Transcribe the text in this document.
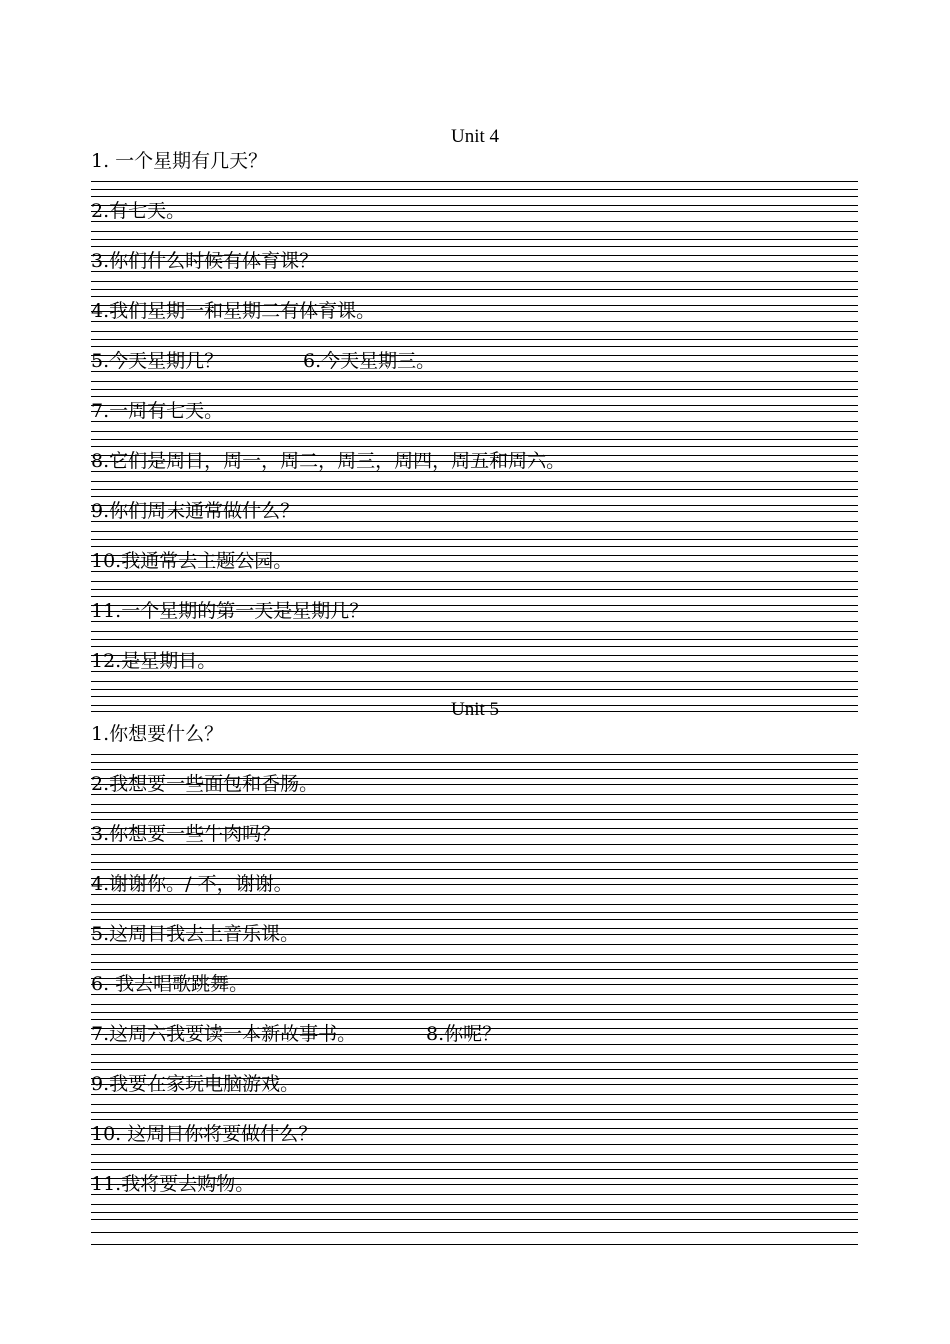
Unit 4
1. 一个星期有几天？
2.有七天。
3.你们什么时候有体育课？
4.我们星期一和星期二有体育课。
5.今天星期几？	6.今天星期三。
7.一周有七天。
8.它们是周日，周一，周二，周三，周四，周五和周六。
9.你们周末通常做什么？
10.我通常去主题公园。
11.一个星期的第一天是星期几？
12.是星期日。
Unit 5
1.你想要什么？
2.我想要一些面包和香肠。
3.你想要一些牛肉吗？
4.谢谢你。/ 不，谢谢。
5.这周日我去上音乐课。
6. 我去唱歌跳舞。
7.这周六我要读一本新故事书。	8.你呢？
9.我要在家玩电脑游戏。
10. 这周日你将要做什么？
11.我将要去购物。
